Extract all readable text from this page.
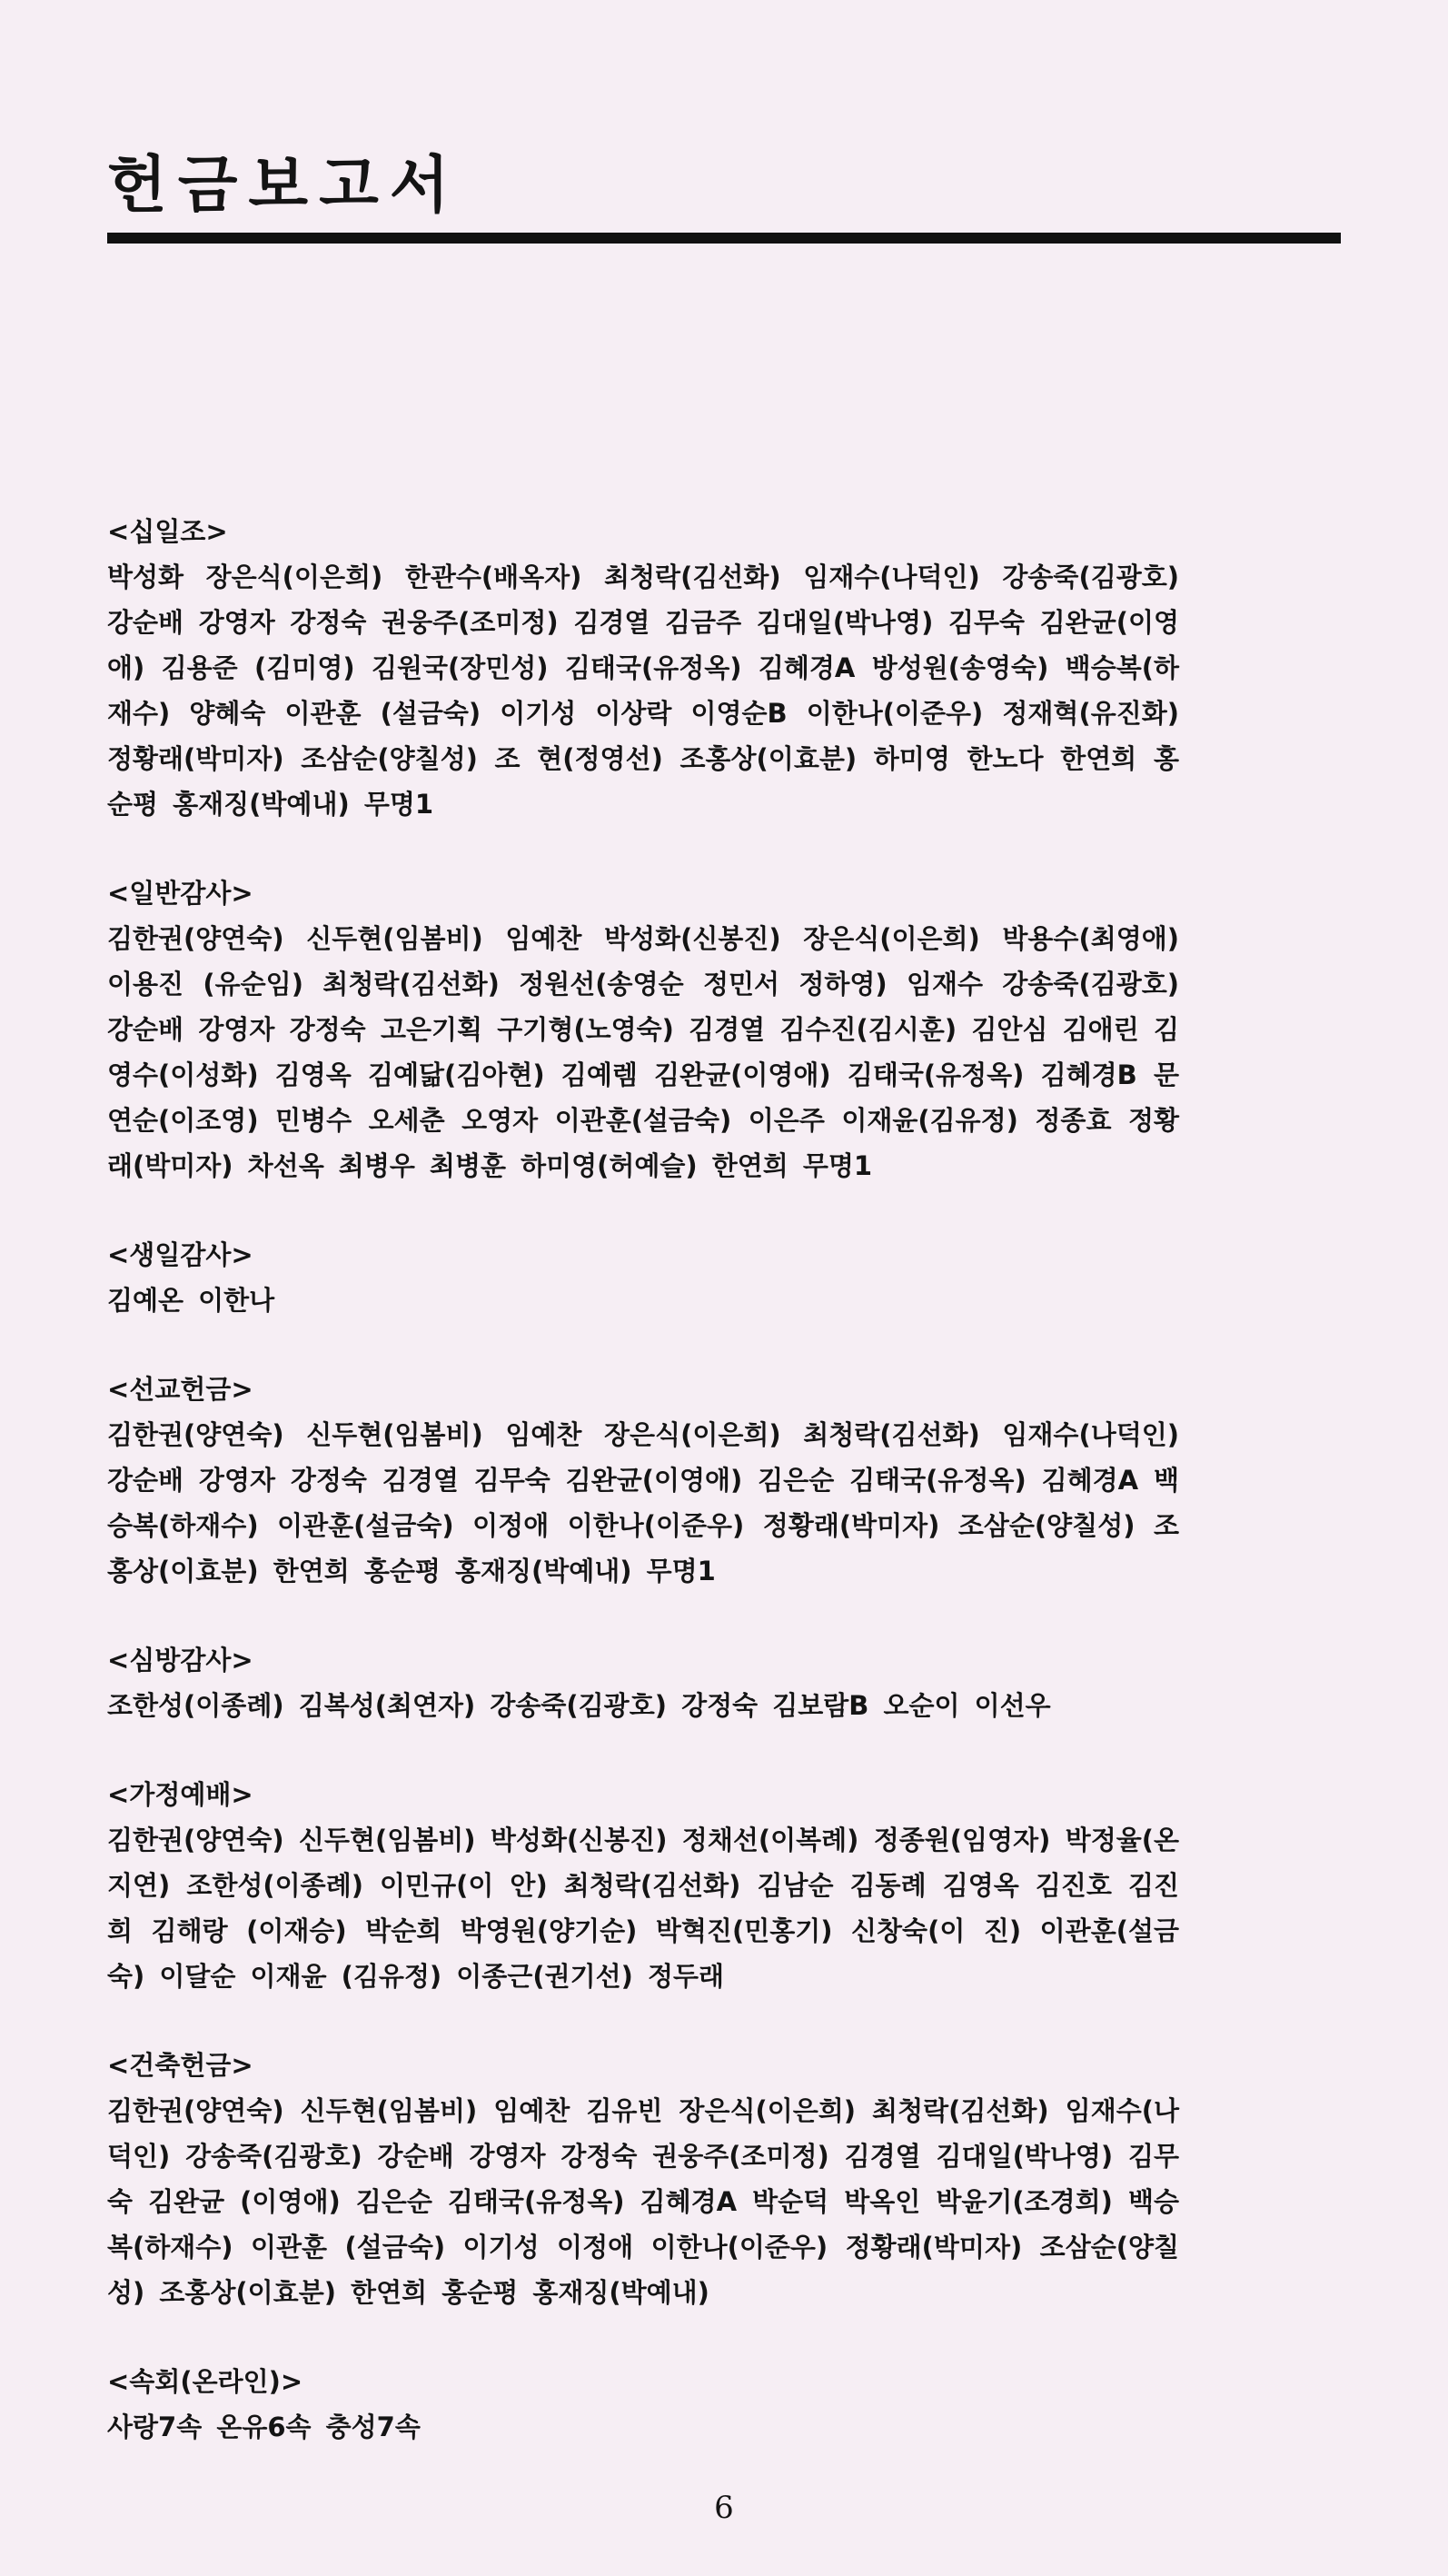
헌금보고서

<십일조>

박성화 장은식(이은희) 한관수(배옥자) 최청락(김선화) 임재수(나덕인) 강송죽(김광호) 강순배 강영자 강정숙 권웅주(조미정) 김경열 김금주 김대일(박나영) 김무숙 김완균(이영애) 김용준 (김미영) 김원국(장민성) 김태국(유정옥) 김혜경A 방성원(송영숙) 백승복(하재수) 양혜숙 이관훈 (설금숙) 이기성 이상락 이영순B 이한나(이준우) 정재혁(유진화) 정황래(박미자) 조삼순(양칠성) 조 현(정영선) 조홍상(이효분) 하미영 한노다 한연희 홍순평 홍재징(박예내) 무명1

<일반감사>

김한권(양연숙) 신두현(임봄비) 임예찬 박성화(신봉진) 장은식(이은희) 박용수(최영애) 이용진 (유순임) 최청락(김선화) 정원선(송영순 정민서 정하영) 임재수 강송죽(김광호) 강순배 강영자 강정숙 고은기획 구기형(노영숙) 김경열 김수진(김시훈) 김안심 김애린 김영수(이성화) 김영옥 김예닮(김아현) 김예렘 김완균(이영애) 김태국(유정옥) 김혜경B 문연순(이조영) 민병수 오세춘 오영자 이관훈(설금숙) 이은주 이재윤(김유정) 정종효 정황래(박미자) 차선옥 최병우 최병훈 하미영(허예슬) 한연희 무명1

<생일감사>

김예온 이한나

<선교헌금>

김한권(양연숙) 신두현(임봄비) 임예찬 장은식(이은희) 최청락(김선화) 임재수(나덕인) 강순배 강영자 강정숙 김경열 김무숙 김완균(이영애) 김은순 김태국(유정옥) 김혜경A 백승복(하재수) 이관훈(설금숙) 이정애 이한나(이준우) 정황래(박미자) 조삼순(양칠성) 조홍상(이효분) 한연희 홍순평 홍재징(박예내) 무명1

<심방감사>

조한성(이종례) 김복성(최연자) 강송죽(김광호) 강정숙 김보람B 오순이 이선우

<가정예배>

김한권(양연숙) 신두현(임봄비) 박성화(신봉진) 정채선(이복례) 정종원(임영자) 박정율(온지연) 조한성(이종례) 이민규(이 안) 최청락(김선화) 김남순 김동례 김영옥 김진호 김진희 김해랑 (이재승) 박순희 박영원(양기순) 박혁진(민홍기) 신창숙(이 진) 이관훈(설금숙) 이달순 이재윤 (김유정) 이종근(권기선) 정두래

<건축헌금>

김한권(양연숙) 신두현(임봄비) 임예찬 김유빈 장은식(이은희) 최청락(김선화) 임재수(나덕인) 강송죽(김광호) 강순배 강영자 강정숙 권웅주(조미정) 김경열 김대일(박나영) 김무숙 김완균 (이영애) 김은순 김태국(유정옥) 김혜경A 박순덕 박옥인 박윤기(조경희) 백승복(하재수) 이관훈 (설금숙) 이기성 이정애 이한나(이준우) 정황래(박미자) 조삼순(양칠성) 조홍상(이효분) 한연희 홍순평 홍재징(박예내)

<속회(온라인)>

사랑7속 온유6속 충성7속

6
